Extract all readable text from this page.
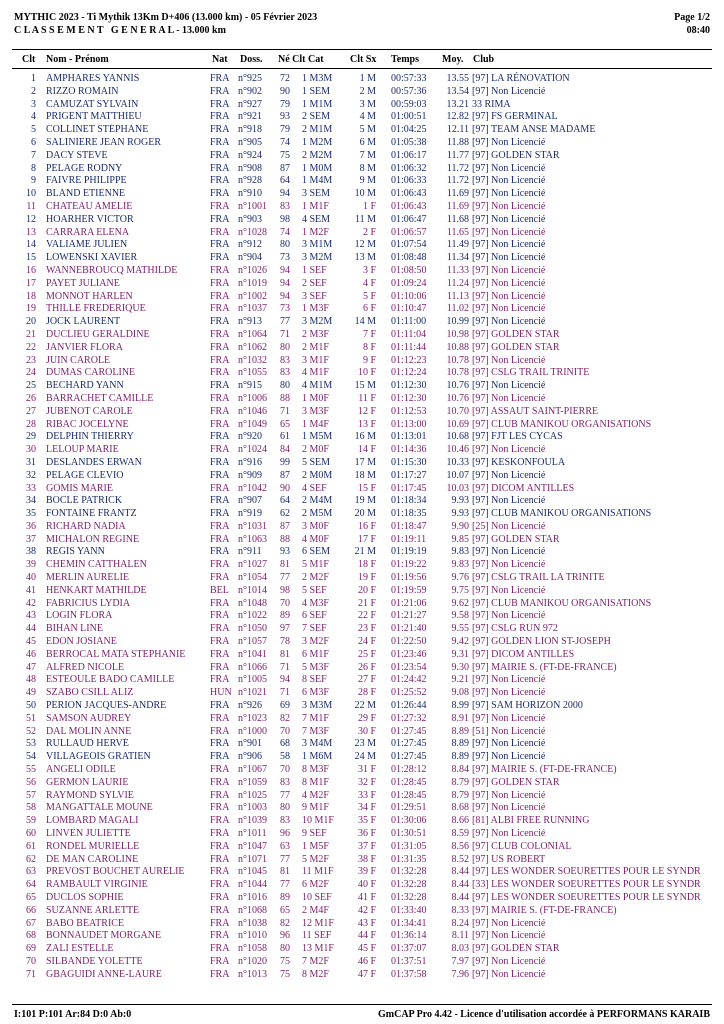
MYTHIC 2023 - Ti Mythik 13Km D+406 (13.000 km) - 05 Février 2023
C L A S S E M E N T   G E N E R A L - 13.000 km
Page 1/2
08:40
Clt Nom - Prénom	Nat Doss. Né Clt Cat	Clt Sx Temps Moy. Club
1 AMPHARES YANNIS	FRA n°925	72 1 M3M	1 M 00:57:33	13.55 [97] LA RÉNOVATION
2 RIZZO ROMAIN	FRA n°902	90 1 SEM	2 M 00:57:36	13.54 [97] Non Licencié
3 CAMUZAT SYLVAIN	FRA n°927	79 1 M1M	3 M 00:59:03	13.21 33 RIMA
4 PRIGENT MATTHIEU	FRA n°921	93 2 SEM	4 M 01:00:51	12.82 [97] FS GERMINAL
5 COLLINET STÉPHANE	FRA n°918	79 2 M1M	5 M 01:04:25	12.11 [97] TEAM ANSE MADAME
6 SALINIERE JEAN ROGER	FRA n°905	74 1 M2M	6 M 01:05:38	11.88 [97] Non Licencié
7 DACY STEVE	FRA n°924	75 2 M2M	7 M 01:06:17	11.77 [97] GOLDEN STAR
8 PELAGE RODNY	FRA n°908	87 1 M0M	8 M 01:06:32	11.72 [97] Non Licencié
9 FAIVRE PHILIPPE	FRA n°928	64 1 M4M	9 M 01:06:33	11.72 [97] Non Licencié
10 BLAND ETIENNE	FRA n°910	94 3 SEM	10 M 01:06:43	11.69 [97] Non Licencié
11 CHATEAU AMELIE	FRA n°1001	83 1 M1F	1 F 01:06:43	11.69 [97] Non Licencié
12 HOARHER VICTOR	FRA n°903	98 4 SEM	11 M 01:06:47	11.68 [97] Non Licencié
13 CARRARA ELENA	FRA n°1028	74 1 M2F	2 F 01:06:57	11.65 [97] Non Licencié
14 VALIAME JULIEN	FRA n°912	80 3 M1M	12 M 01:07:54	11.49 [97] Non Licencié
15 LOWENSKI XAVIER	FRA n°904	73 3 M2M	13 M 01:08:48	11.34 [97] Non Licencié
16 WANNEBROUCQ MATHILDE	FRA n°1026	94 1 SEF	3 F 01:08:50	11.33 [97] Non Licencié
17 PAYET JULIANE	FRA n°1019	94 2 SEF	4 F 01:09:24	11.24 [97] Non Licencié
18 MONNOT HARLEN	FRA n°1002	94 3 SEF	5 F 01:10:06	11.13 [97] Non Licencié
19 THILLE FREDERIQUE	FRA n°1037	73 1 M3F	6 F 01:10:47	11.02 [97] Non Licencié
20 JOCK LAURENT	FRA n°913	77 3 M2M	14 M 01:11:00	10.99 [97] Non Licencié
21 DUCLIEU GERALDINE	FRA n°1064	71 2 M3F	7 F 01:11:04	10.98 [97] GOLDEN STAR
22 JANVIER FLORA	FRA n°1062	80 2 M1F	8 F 01:11:44	10.88 [97] GOLDEN STAR
23 JUIN CAROLE	FRA n°1032	83 3 M1F	9 F 01:12:23	10.78 [97] Non Licencié
24 DUMAS CAROLINE	FRA n°1055	83 4 M1F	10 F 01:12:24	10.78 [97] CSLG TRAIL TRINITE
25 BECHARD YANN	FRA n°915	80 4 M1M	15 M 01:12:30	10.76 [97] Non Licencié
26 BARRACHET CAMILLE	FRA n°1006	88 1 M0F	11 F 01:12:30	10.76 [97] Non Licencié
27 JUBENOT CAROLE	FRA n°1046	71 3 M3F	12 F 01:12:53	10.70 [97] ASSAUT SAINT-PIERRE
28 RIBAC JOCELYNE	FRA n°1049	65 1 M4F	13 F 01:13:00	10.69 [97] CLUB MANIKOU ORGANISATIONS
29 DELPHIN THIERRY	FRA n°920	61 1 M5M	16 M 01:13:01	10.68 [97] FJT LES CYCAS
30 LELOUP MARIE	FRA n°1024	84 2 M0F	14 F 01:14:36	10.46 [97] Non Licencié
31 DESLANDES ERWAN	FRA n°916	99 5 SEM	17 M 01:15:30	10.33 [97] KESKONFOULA
32 PELAGE CLEVIO	FRA n°909	87 2 M0M	18 M 01:17:27	10.07 [97] Non Licencié
33 GOMIS MARIE	FRA n°1042	90 4 SEF	15 F 01:17:45	10.03 [97] DICOM ANTILLES
34 BOCLE PATRICK	FRA n°907	64 2 M4M	19 M 01:18:34	9.93 [97] Non Licencié
35 FONTAINE FRANTZ	FRA n°919	62 2 M5M	20 M 01:18:35	9.93 [97] CLUB MANIKOU ORGANISATIONS
36 RICHARD NADIA	FRA n°1031	87 3 M0F	16 F 01:18:47	9.90 [25] Non Licencié
37 MICHALON REGINE	FRA n°1063	88 4 M0F	17 F 01:19:11	9.85 [97] GOLDEN STAR
38 REGIS YANN	FRA n°911	93 6 SEM	21 M 01:19:19	9.83 [97] Non Licencié
39 CHEMIN CATTHALEN	FRA n°1027	81 5 M1F	18 F 01:19:22	9.83 [97] Non Licencié
40 MERLIN AURÉLIE	FRA n°1054	77 2 M2F	19 F 01:19:56	9.76 [97] CSLG TRAIL LA TRINITE
41 HENKART MATHILDE	BEL n°1014	98 5 SEF	20 F 01:19:59	9.75 [97] Non Licencié
42 FABRICIUS LYDIA	FRA n°1048	70 4 M3F	21 F 01:21:06	9.62 [97] CLUB MANIKOU ORGANISATIONS
43 LOGIN FLORA	FRA n°1022	89 6 SEF	22 F 01:21:27	9.58 [97] Non Licencié
44 BIHAN LINE	FRA n°1050	97 7 SEF	23 F 01:21:40	9.55 [97] CSLG RUN 972
45 EDON JOSIANE	FRA n°1057	78 3 M2F	24 F 01:22:50	9.42 [97] GOLDEN LION ST-JOSEPH
46 BERROCAL MATA STEPHANIE	FRA n°1041	81 6 M1F	25 F 01:23:46	9.31 [97] DICOM ANTILLES
47 ALFRED NICOLE	FRA n°1066	71 5 M3F	26 F 01:23:54	9.30 [97] MAIRIE S. (FT-DE-FRANCE)
48 ESTEOULE BADO CAMILLE	FRA n°1005	94 8 SEF	27 F 01:24:42	9.21 [97] Non Licencié
49 SZABO CSILL ALIZ	HUN n°1021	71 6 M3F	28 F 01:25:52	9.08 [97] Non Licencié
50 PERION JACQUES-ANDRE	FRA n°926	69 3 M3M	22 M 01:26:44	8.99 [97] SAM HORIZON 2000
51 SAMSON AUDREY	FRA n°1023	82 7 M1F	29 F 01:27:32	8.91 [97] Non Licencié
52 DAL MOLIN ANNE	FRA n°1000	70 7 M3F	30 F 01:27:45	8.89 [51] Non Licencié
53 RULLAUD HERVÉ	FRA n°901	68 3 M4M	23 M 01:27:45	8.89 [97] Non Licencié
54 VILLAGEOIS GRATIEN	FRA n°906	58 1 M6M	24 M 01:27:45	8.89 [97] Non Licencié
55 ANGELI ODILE	FRA n°1067	70 8 M3F	31 F 01:28:12	8.84 [97] MAIRIE S. (FT-DE-FRANCE)
56 GERMON LAURIE	FRA n°1059	83 8 M1F	32 F 01:28:45	8.79 [97] GOLDEN STAR
57 RAYMOND SYLVIE	FRA n°1025	77 4 M2F	33 F 01:28:45	8.79 [97] Non Licencié
58 MANGATTALE MOUNE	FRA n°1003	80 9 M1F	34 F 01:29:51	8.68 [97] Non Licencié
59 LOMBARD MAGALI	FRA n°1039	83 10 M1F	35 F 01:30:06	8.66 [81] ALBI FREE RUNNING
60 LINVEN JULIETTE	FRA n°1011	96 9 SEF	36 F 01:30:51	8.59 [97] Non Licencié
61 RONDEL MURIELLE	FRA n°1047	63 1 M5F	37 F 01:31:05	8.56 [97] CLUB COLONIAL
62 DE MAN CAROLINE	FRA n°1071	77 5 M2F	38 F 01:31:35	8.52 [97] US ROBERT
63 PREVOST BOUCHET AURELIE	FRA n°1045	81 11 M1F	39 F 01:32:28	8.44 [97] LES WONDER SOEURETTES POUR LE SYNDR
64 RAMBAULT VIRGINIE	FRA n°1044	77 6 M2F	40 F 01:32:28	8.44 [33] LES WONDER SOEURETTES POUR LE SYNDR
65 DUCLOS SOPHIE	FRA n°1016	89 10 SEF	41 F 01:32:28	8.44 [97] LES WONDER SOEURETTES POUR LE SYNDR
66 SUZANNE ARLETTE	FRA n°1068	65 2 M4F	42 F 01:33:40	8.33 [97] MAIRIE S. (FT-DE-FRANCE)
67 BABO BÉATRICE	FRA n°1038	82 12 M1F	43 F 01:34:41	8.24 [97] Non Licencié
68 BONNAUDET MORGANE	FRA n°1010	96 11 SEF	44 F 01:36:14	8.11 [97] Non Licencié
69 ZALI ESTELLE	FRA n°1058	80 13 M1F	45 F 01:37:07	8.03 [97] GOLDEN STAR
70 SILBANDE YOLETTE	FRA n°1020	75 7 M2F	46 F 01:37:51	7.97 [97] Non Licencié
71 GBAGUIDI ANNE-LAURE	FRA n°1013	75 8 M2F	47 F 01:37:58	7.96 [97] Non Licencié
I:101 P:101 Ar:84 D:0 Ab:0	GmCAP Pro 4.42 - Licence d'utilisation accordée à PERFORMANS KARAIB
